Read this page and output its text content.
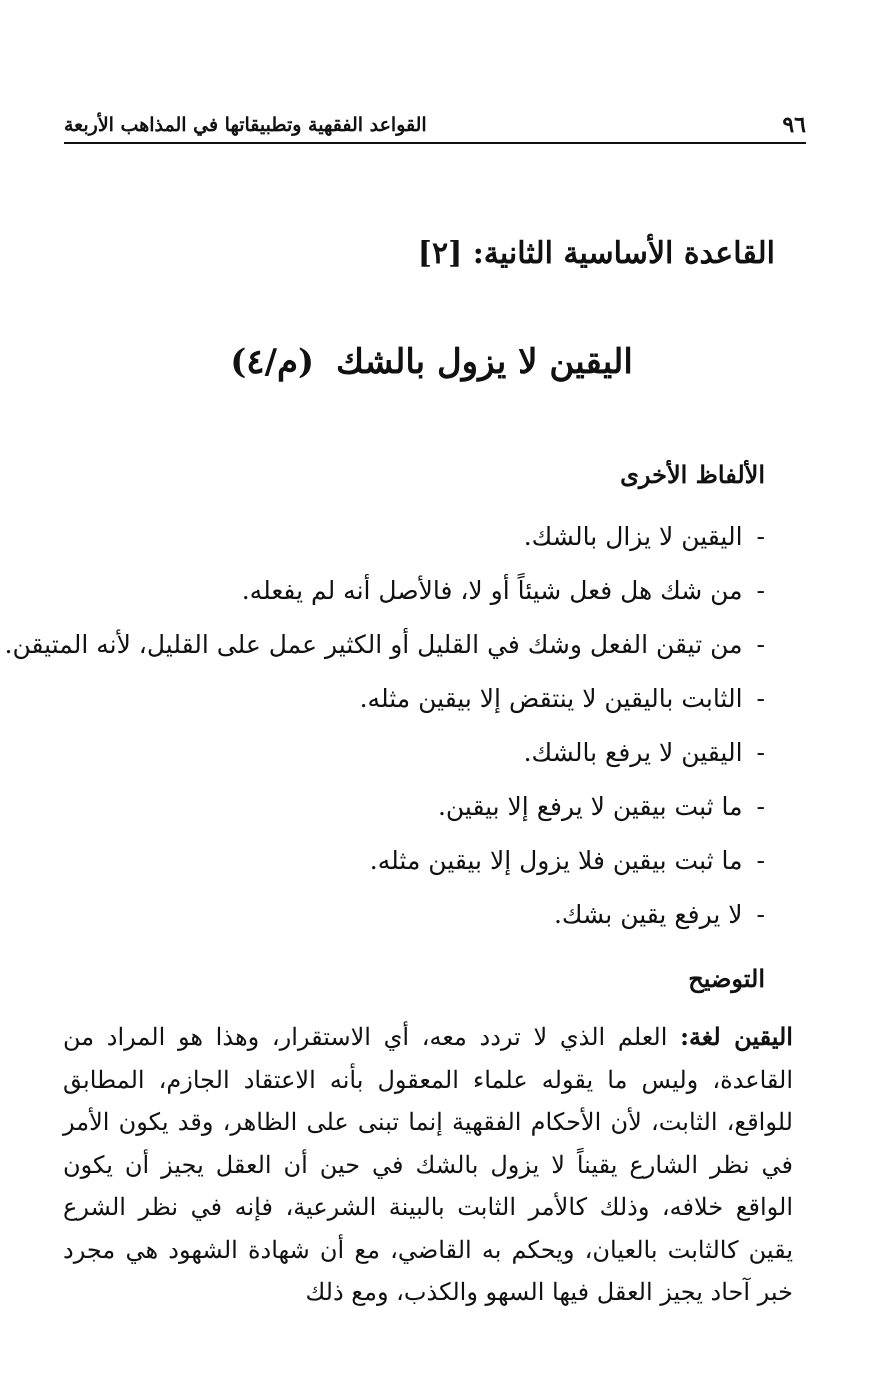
٩٦
القواعد الفقهية وتطبيقاتها في المذاهب الأربعة
القاعدة الأساسية الثانية: [٢]
اليقين لا يزول بالشك (م/٤)
الألفاظ الأخرى
-اليقين لا يزال بالشك.
-من شك هل فعل شيئاً أو لا، فالأصل أنه لم يفعله.
-من تيقن الفعل وشك في القليل أو الكثير عمل على القليل، لأنه المتيقن.
-الثابت باليقين لا ينتقض إلا بيقين مثله.
-اليقين لا يرفع بالشك.
-ما ثبت بيقين لا يرفع إلا بيقين.
-ما ثبت بيقين فلا يزول إلا بيقين مثله.
-لا يرفع يقين بشك.
التوضيح

اليقين لغة: العلم الذي لا تردد معه، أي الاستقرار، وهذا هو المراد من القاعدة، وليس ما يقوله علماء المعقول بأنه الاعتقاد الجازم، المطابق للواقع، الثابت، لأن الأحكام الفقهية إنما تبنى على الظاهر، وقد يكون الأمر في نظر الشارع يقيناً لا يزول بالشك في حين أن العقل يجيز أن يكون الواقع خلافه، وذلك كالأمر الثابت بالبينة الشرعية، فإنه في نظر الشرع يقين كالثابت بالعيان، ويحكم به القاضي، مع أن شهادة الشهود هي مجرد خبر آحاد يجيز العقل فيها السهو والكذب، ومع ذلك
